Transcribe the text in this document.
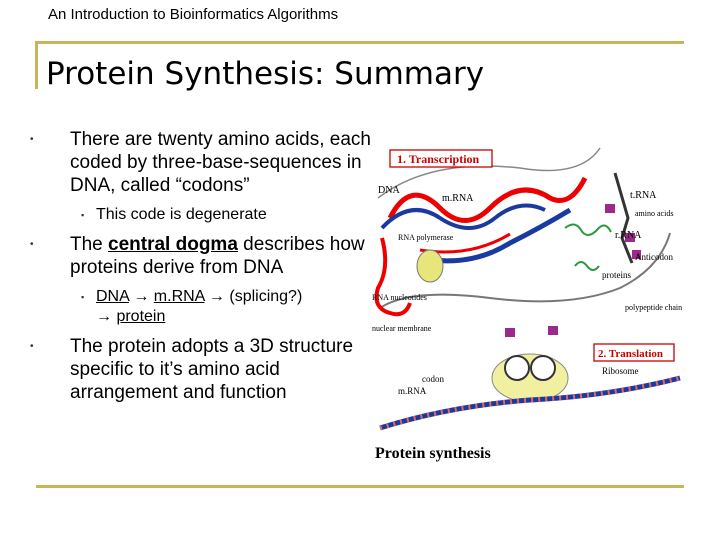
An Introduction to Bioinformatics Algorithms
Protein Synthesis: Summary
• There are twenty amino acids, each coded by three-base-sequences in DNA, called “codons”
▪ This code is degenerate
• The central dogma describes how proteins derive from DNA
▪ DNA → m.RNA → (splicing?)
→ protein
• The protein adopts a 3D structure specific to it’s amino acid arrangement and function
1. Transcription
2. Translation
DNA
m.RNA
RNA polymerase
t.RNA
amino acids
r.RNA
Anticodon
proteins
RNA nucleotides
polypeptide chain
nuclear membrane
Ribosome
codon
m.RNA
Protein synthesis
